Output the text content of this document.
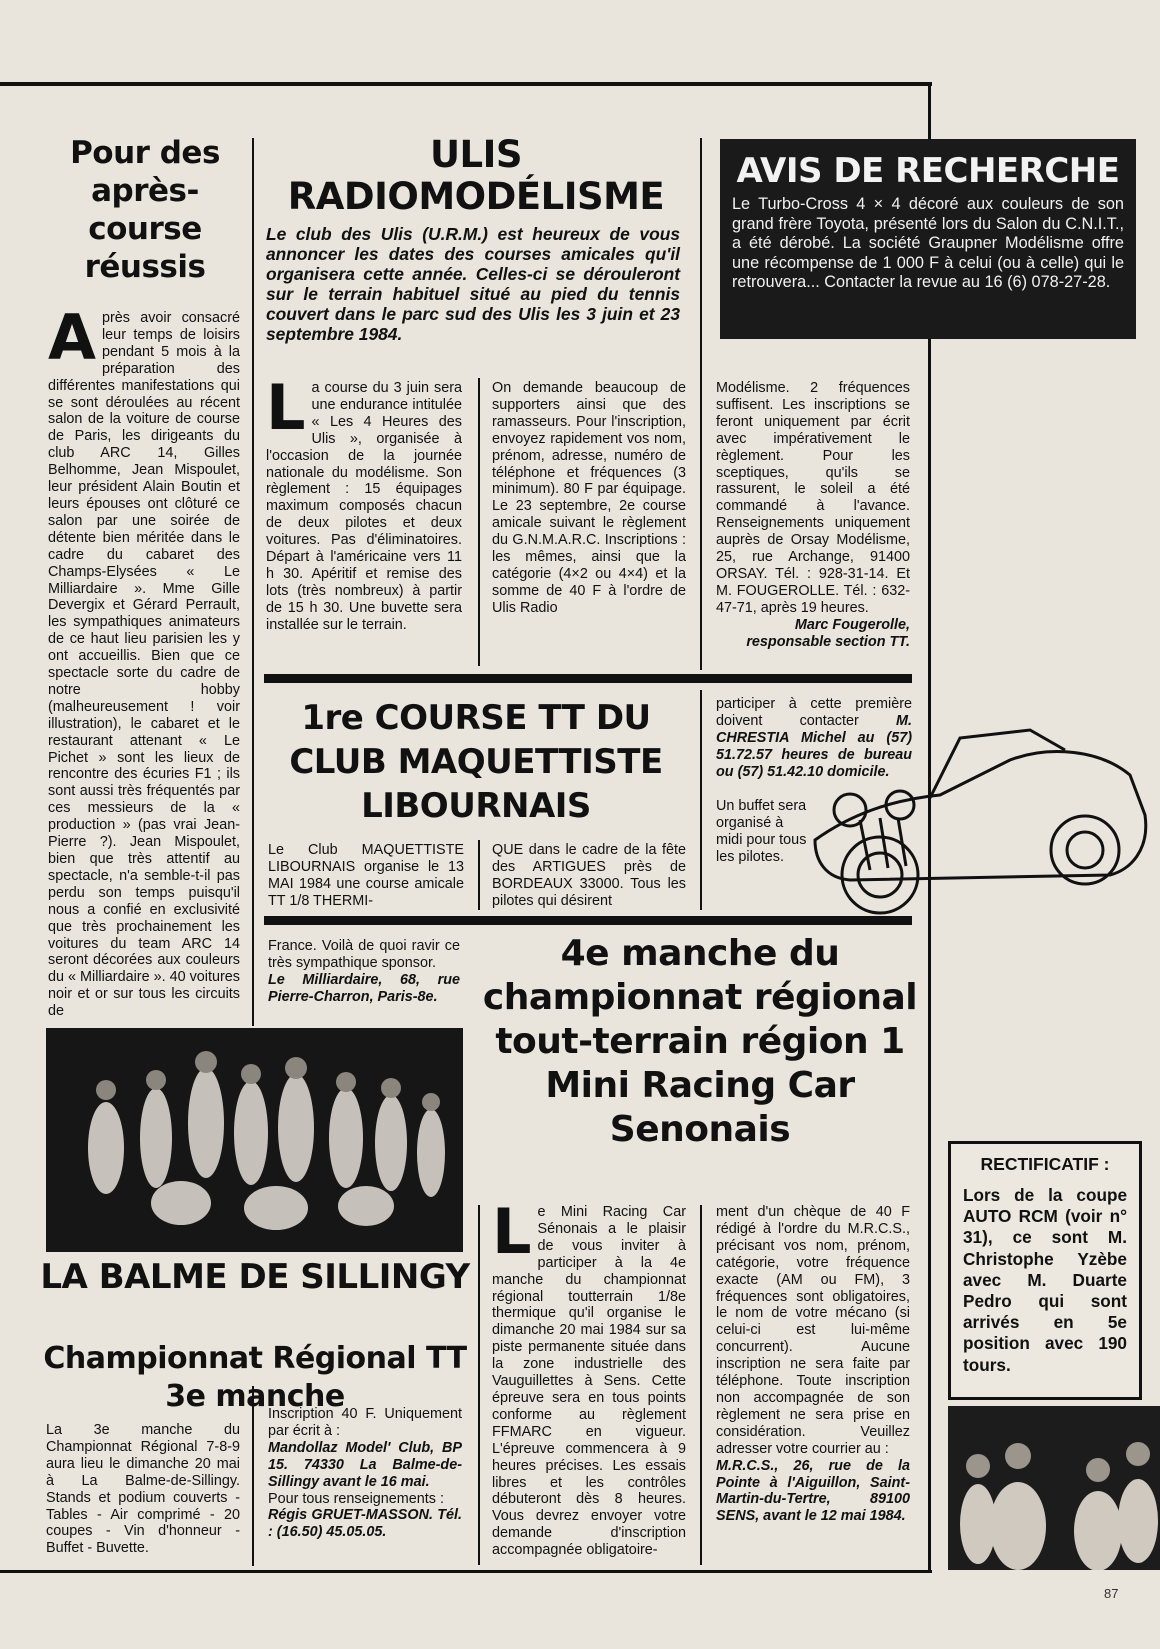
Pour des après-course réussis
Après avoir consacré leur temps de loisirs pendant 5 mois à la préparation des différentes manifestations qui se sont déroulées au récent salon de la voiture de course de Paris, les dirigeants du club ARC 14, Gilles Belhomme, Jean Mispoulet, leur président Alain Boutin et leurs épouses ont clôturé ce salon par une soirée de détente bien méritée dans le cadre du cabaret des Champs-Elysées « Le Milliardaire ». Mme Gille Devergix et Gérard Perrault, les sympathiques animateurs de ce haut lieu parisien les y ont accueillis. Bien que ce spectacle sorte du cadre de notre hobby (malheureusement ! voir illustration), le cabaret et le restaurant attenant « Le Pichet » sont les lieux de rencontre des écuries F1 ; ils sont aussi très fréquentés par ces messieurs de la « production » (pas vrai Jean-Pierre ?). Jean Mispoulet, bien que très attentif au spectacle, n'a semble-t-il pas perdu son temps puisqu'il nous a confié en exclusivité que très prochainement les voitures du team ARC 14 seront décorées aux couleurs du « Milliardaire ». 40 voitures noir et or sur tous les circuits de

France. Voilà de quoi ravir ce très sympathique sponsor.

Le Milliardaire, 68, rue Pierre-Charron, Paris-8e.

LA BALME DE SILLINGY
Championnat Régional TT 3e manche

La 3e manche du Championnat Régional 7-8-9 aura lieu le dimanche 20 mai à La Balme-de-Sillingy. Stands et podium couverts - Tables - Air comprimé - 20 coupes - Vin d'honneur - Buffet - Buvette.

Inscription 40 F. Uniquement par écrit à :

Mandollaz Model' Club, BP 15. 74330 La Balme-de-Sillingy avant le 16 mai.

Pour tous renseignements :

Régis GRUET-MASSON. Tél. : (16.50) 45.05.05.

ULIS
RADIOMODÉLISME
Le club des Ulis (U.R.M.) est heureux de vous annoncer les dates des courses amicales qu'il organisera cette année. Celles-ci se dérouleront sur le terrain habituel situé au pied du tennis couvert dans le parc sud des Ulis les 3 juin et 23 septembre 1984.
La course du 3 juin sera une endurance intitulée « Les 4 Heures des Ulis », organisée à l'occasion de la journée nationale du modélisme. Son règlement : 15 équipages maximum composés chacun de deux pilotes et deux voitures. Pas d'éliminatoires. Départ à l'américaine vers 11 h 30. Apéritif et remise des lots (très nombreux) à partir de 15 h 30. Une buvette sera installée sur le terrain.

On demande beaucoup de supporters ainsi que des ramasseurs. Pour l'inscription, envoyez rapidement vos nom, prénom, adresse, numéro de téléphone et fréquences (3 minimum). 80 F par équipage. Le 23 septembre, 2e course amicale suivant le règlement du G.N.M.A.R.C. Inscriptions : les mêmes, ainsi que la catégorie (4×2 ou 4×4) et la somme de 40 F à l'ordre de Ulis Radio

Modélisme. 2 fréquences suffisent. Les inscriptions se feront uniquement par écrit avec impérativement le règlement. Pour les sceptiques, qu'ils se rassurent, le soleil a été commandé à l'avance. Renseignements uniquement auprès de Orsay Modélisme, 25, rue Archange, 91400 ORSAY. Tél. : 928-31-14. Et M. FOUGEROLLE. Tél. : 632-47-71, après 19 heures.

Marc Fougerolle,

responsable section TT.

AVIS DE RECHERCHE
Le Turbo-Cross 4 × 4 décoré aux couleurs de son grand frère Toyota, présenté lors du Salon du C.N.I.T., a été dérobé. La société Graupner Modélisme offre une récompense de 1 000 F à celui (ou à celle) qui le retrouvera... Contacter la revue au 16 (6) 078-27-28.
1re COURSE TT DU CLUB MAQUETTISTE LIBOURNAIS

Le Club MAQUETTISTE LIBOURNAIS organise le 13 MAI 1984 une course amicale TT 1/8 THERMI-

QUE dans le cadre de la fête des ARTIGUES près de BORDEAUX 33000. Tous les pilotes qui désirent

participer à cette première doivent contacter	M. CHRESTIA Michel au (57) 51.72.57 heures de bureau ou (57) 51.42.10 domicile.

Un buffet sera organisé à midi pour tous les pilotes.

4e manche du championnat régional tout-terrain région 1 Mini Racing Car Senonais
Le Mini Racing Car Sénonais a le plaisir de vous inviter à participer à la 4e manche du championnat régional toutterrain 1/8e thermique qu'il organise le dimanche 20 mai 1984 sur sa piste permanente située dans la zone industrielle des Vauguillettes à Sens. Cette épreuve sera en tous points conforme au règlement FFMARC en vigueur. L'épreuve commencera à 9 heures précises. Les essais libres et les contrôles débuteront dès 8 heures. Vous devrez envoyer votre demande d'inscription accompagnée obligatoire-

ment d'un chèque de 40 F rédigé à l'ordre du M.R.C.S., précisant vos nom, prénom, catégorie, votre fréquence exacte (AM ou FM), 3 fréquences sont obligatoires, le nom de votre mécano (si celui-ci est lui-même concurrent). Aucune inscription ne sera faite par téléphone. Toute inscription non accompagnée de son règlement ne sera prise en considération. Veuillez adresser votre courrier au :

M.R.C.S., 26, rue de la Pointe à l'Aiguillon, Saint-Martin-du-Tertre, 89100 SENS, avant le 12 mai 1984.

RECTIFICATIF :
Lors de la coupe AUTO RCM (voir n° 31), ce sont M. Christophe Yzèbe avec M. Duarte Pedro qui sont arrivés en 5e position avec 190 tours.
87
